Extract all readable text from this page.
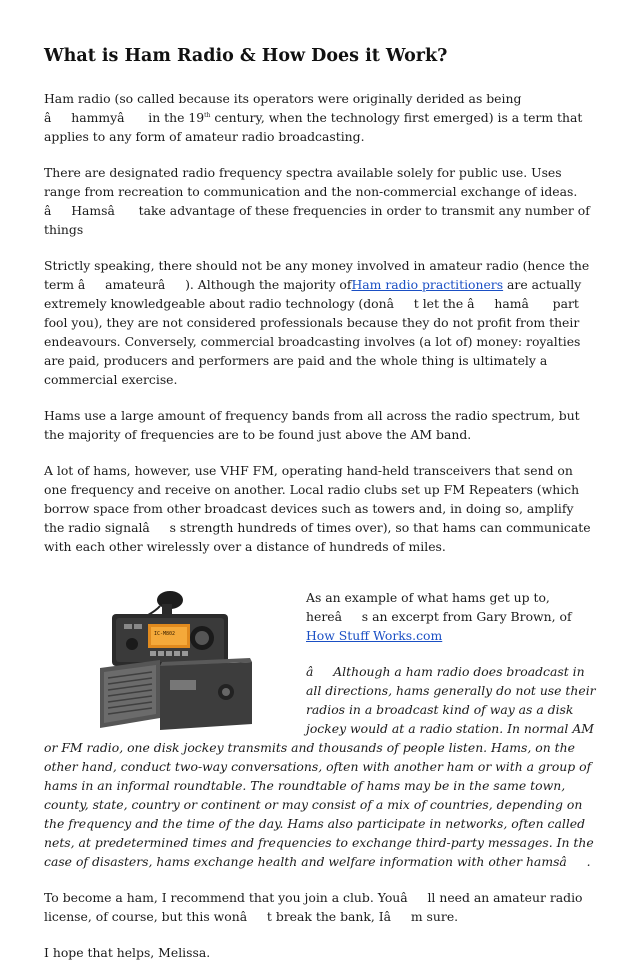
What is Ham Radio & How Does it Work?

Ham radio (so called because its operators were originally derided as being âhammyâ in the 19th century, when the technology first emerged) is a term that applies to any form of amateur radio broadcasting.

There are designated radio frequency spectra available solely for public use. Uses range from recreation to communication and the non-commercial exchange of ideas. âHamsâ take advantage of these frequencies in order to transmit any number of things

Strictly speaking, there should not be any money involved in amateur radio (hence the term âamateurâ). Although the majority ofHam radio practitioners are actually extremely knowledgeable about radio technology (donât let the âhamâ part fool you), they are not considered professionals because they do not profit from their endeavours. Conversely, commercial broadcasting involves (a lot of) money: royalties are paid, producers and performers are paid and the whole thing is ultimately a commercial exercise.

Hams use a large amount of frequency bands from all across the radio spectrum, but the majority of frequencies are to be found just above the AM band.

A lot of hams, however, use VHF FM, operating hand-held transceivers that send on one frequency and receive on another. Local radio clubs set up FM Repeaters (which borrow space from other broadcast devices such as towers and, in doing so, amplify the radio signalâs strength hundreds of times over), so that hams can communicate with each other wirelessly over a distance of hundreds of miles.

IC-M802

As an example of what hams get up to, hereâs an excerpt from Gary Brown, of How Stuff Works.com

âAlthough a ham radio does broadcast in all directions, hams generally do not use their radios in a broadcast kind of way as a disk jockey would at a radio station. In normal AM or FM radio, one disk jockey transmits and thousands of people listen. Hams, on the other hand, conduct two-way conversations, often with another ham or with a group of hams in an informal roundtable. The roundtable of hams may be in the same town, county, state, country or continent or may consist of a mix of countries, depending on the frequency and the time of the day. Hams also participate in networks, often called nets, at predetermined times and frequencies to exchange third-party messages. In the case of disasters, hams exchange health and welfare information with other hamsâ.

To become a ham, I recommend that you join a club. Youâll need an amateur radio license, of course, but this wonât break the bank, Iâm sure.

I hope that helps, Melissa.
